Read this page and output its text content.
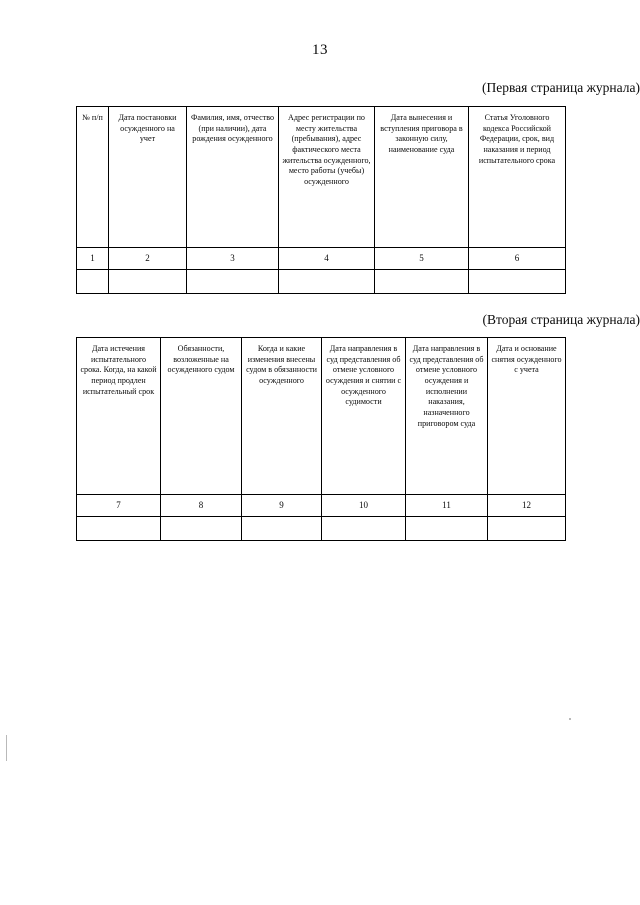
13
(Первая страница журнала)
№ п/п	Дата постановки осужденного на учет	Фамилия, имя, отчество (при наличии), дата рождения осужденного	Адрес регистрации по месту жительства (пребывания), адрес фактического места жительства осужденного, место работы (учебы) осужденного	Дата вынесения и вступления приговора в законную силу, наименование суда	Статья Уголовного кодекса Российской Федерации, срок, вид наказания и период испытательного срока

1	2	3	4	5	6

(Вторая страница журнала)
Дата истечения испытательного срока. Когда, на какой период продлен испытательный срок	Обязанности, возложенные на осужденного судом	Когда и какие изменения внесены судом в обязанности осужденного	Дата направления в суд представления об отмене условного осуждения и снятии с осужденного судимости	Дата направления в суд представления об отмене условного осуждения и исполнении наказания, назначенного приговором суда	Дата и основание снятия осужденного с учета

7	8	9	10	11	12
